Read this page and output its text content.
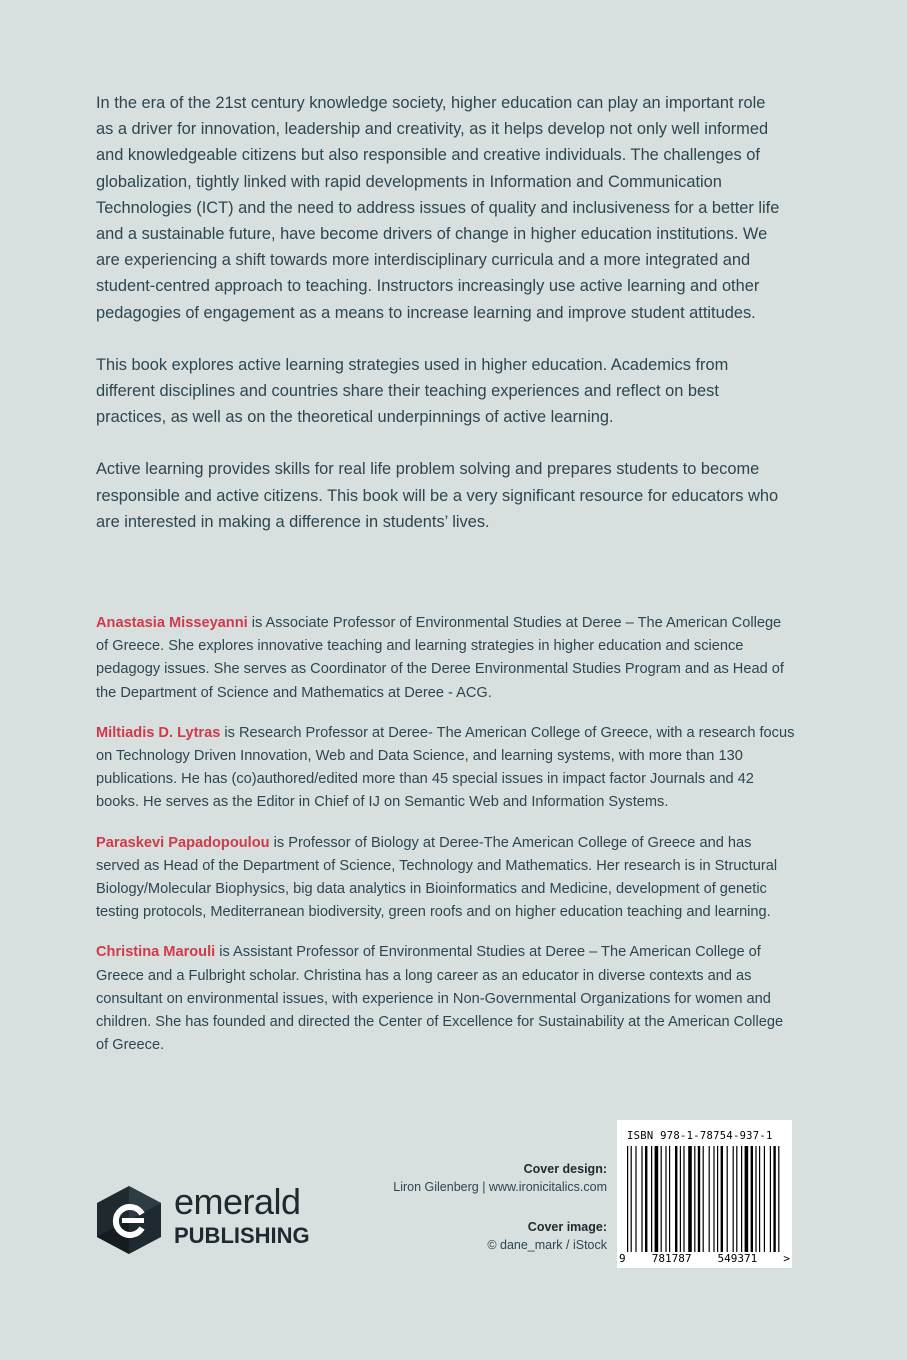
In the era of the 21st century knowledge society, higher education can play an important role as a driver for innovation, leadership and creativity, as it helps develop not only well informed and knowledgeable citizens but also responsible and creative individuals. The challenges of globalization, tightly linked with rapid developments in Information and Communication Technologies (ICT) and the need to address issues of quality and inclusiveness for a better life and a sustainable future, have become drivers of change in higher education institutions. We are experiencing a shift towards more interdisciplinary curricula and a more integrated and student-centred approach to teaching. Instructors increasingly use active learning and other pedagogies of engagement as a means to increase learning and improve student attitudes.

This book explores active learning strategies used in higher education. Academics from different disciplines and countries share their teaching experiences and reflect on best practices, as well as on the theoretical underpinnings of active learning.

Active learning provides skills for real life problem solving and prepares students to become responsible and active citizens. This book will be a very significant resource for educators who are interested in making a difference in students’ lives.

Anastasia Misseyanni is Associate Professor of Environmental Studies at Deree – The American College of Greece. She explores innovative teaching and learning strategies in higher education and science pedagogy issues. She serves as Coordinator of the Deree Environmental Studies Program and as Head of the Department of Science and Mathematics at Deree - ACG.

Miltiadis D. Lytras is Research Professor at Deree- The American College of Greece, with a research focus on Technology Driven Innovation, Web and Data Science, and learning systems, with more than 130 publications. He has (co)authored/edited more than 45 special issues in impact factor Journals and 42 books. He serves as the Editor in Chief of IJ on Semantic Web and Information Systems.

Paraskevi Papadopoulou is Professor of Biology at Deree-The American College of Greece and has served as Head of the Department of Science, Technology and Mathematics. Her research is in Structural Biology/Molecular Biophysics, big data analytics in Bioinformatics and Medicine, development of genetic testing protocols, Mediterranean biodiversity, green roofs and on higher education teaching and learning.

Christina Marouli is Assistant Professor of Environmental Studies at Deree – The American College of Greece and a Fulbright scholar. Christina has a long career as an educator in diverse contexts and as consultant on environmental issues, with experience in Non-Governmental Organizations for women and children. She has founded and directed the Center of Excellence for Sustainability at the American College of Greece.

emerald
PUBLISHING
Cover design:
Liron Gilenberg | www.ironicitalics.com
Cover image:
© dane_mark / iStock
ISBN 978-1-78754-937-1
9 781787 549371 >
